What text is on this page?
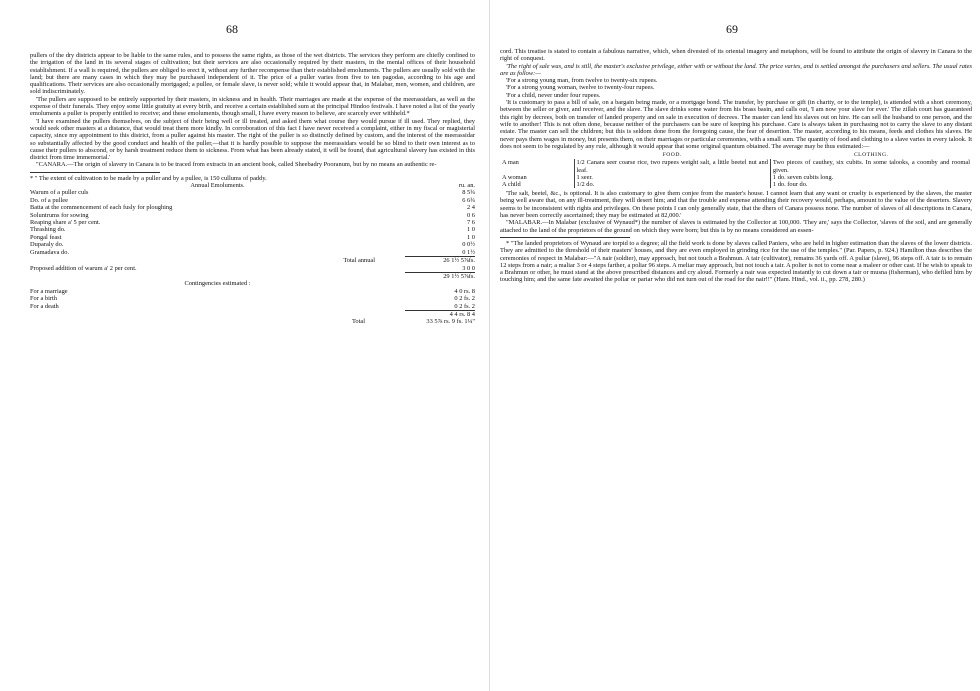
68

pullers of the dry districts appear to be liable to the same rules, and to possess the same rights, as those of the wet districts. The services they perform are chiefly confined to the irrigation of the land in its several stages of cultivation; but their services are also occasionally required by their masters, in the menial offices of their household establishment. If a wall is required, the pullers are obliged to erect it, without any further recompense than their established emoluments. The pullers are usually sold with the land; but there are many cases in which they may be purchased independent of it. The price of a puller varies from five to ten pagodas, according to his age and qualifications. Their services are also occasionally mortgaged; a pullee, or female slave, is never sold; while it would appear that, in Malabar, men, women, and children, are sold indiscriminately.

'The pullers are supposed to be entirely supported by their masters, in sickness and in health. Their marriages are made at the expense of the meerassidars, as well as the expense of their funerals. They enjoy some little gratuity at every birth, and receive a certain established sum at the principal Hindoo festivals. I have noted a list of the yearly emoluments a puller is properly entitled to receive; and these emoluments, though small, I have every reason to believe, are scarcely ever withheld.*

'I have examined the pullers themselves, on the subject of their being well or ill treated, and asked them what course they would pursue if ill used. They replied, they would seek other masters at a distance, that would treat them more kindly. In corroboration of this fact I have never received a complaint, either in my fiscal or magisterial capacity, since my appointment to this district, from a puller against his master. The right of the puller is so distinctly defined by custom, and the interest of the meerassidar so substantially affected by the good conduct and health of the puller,—that it is hardly possible to suppose the meerassidars would be so blind to their own interest as to cause their pullers to abscond, or by harsh treatment reduce them to sickness. From what has been already stated, it will be found, that agricultural slavery has existed in this district from time immemorial.'

"CANARA.—The origin of slavery in Canara is to be traced from extracts in an ancient book, called Sheebadry Pooranum, but by no means an authentic re-

* " The extent of cultivation to be made by a puller and by a pullee, is 150 cullums of paddy.

Annual Emoluments.	ru. an.
Warum of a puller culs	8 5¾
Do. of a pullee	6 6¾
Batta at the commencement of each fusly for ploughing	2 4
Soluntrums for sowing	0 6
Reaping share a' 5 per cent.	7 6
Thrashing do.	1 0
Pongal feast	1 0
Duparaly do.	0 0½
Gramadava do.	0 1½
Total annual	26 1½ 5⅞fs.
Proposed addition of warum a' 2 per cent.	3 0 0
	29 1½ 5⅞fs.
Contingencies estimated :	
For a marriage	4 0 rs. 8
For a birth	0 2 fs. 2
For a death	0 2 fs. 2
	4 4 rs. 8 4
Total	33 5⅞ rs. 9 fs. 1¼"
69

cord. This treatise is stated to contain a fabulous narrative, which, when divested of its oriental imagery and metaphors, will be found to attribute the origin of slavery in Canara to the right of conquest.

'The right of sale was, and is still, the master's exclusive privilege, either with or without the land. The price varies, and is settled amongst the purchasers and sellers. The usual rates are as follow:—

'For a strong young man, from twelve to twenty-six rupees.

'For a strong young woman, twelve to twenty-four rupees.

'For a child, never under four rupees.

'It is customary to pass a bill of sale, on a bargain being made, or a mortgage bond. The transfer, by purchase or gift (in charity, or to the temple), is attended with a short ceremony, between the seller or giver, and receiver, and the slave. The slave drinks some water from his brass basin, and calls out, 'I am now your slave for ever.' The zillah court has guaranteed this right by decrees, both on transfer of landed property and on sale in execution of decrees. The master can lend his slaves out on hire. He can sell the husband to one person, and the wife to another! This is not often done, because neither of the purchasers can be sure of keeping his purchase. Care is always taken in purchasing not to carry the slave to any distant estate. The master can sell the children; but this is seldom done from the foregoing cause, the fear of desertion. The master, according to his means, feeds and clothes his slaves. He never pays them wages in money, but presents them, on their marriages or particular ceremonies, with a small sum. The quantity of food and clothing to a slave varies in every talook. It does not seem to be regulated by any rule, although it would appear that some original quantum obtained. The average may be thus estimated:—

	FOOD.	CLOTHING.
A man	1/2 Canara seer coarse rice, two rupees weight salt, a little beetel nut and leaf.	Two pieces of cauthey, six cubits. In some talooks, a coomby and roomal given.
A woman	1 seer.	1 do. seven cubits long.
A child	1/2 do.	1 do. four do.

'The salt, beetel, &c., is optional. It is also customary to give them conjee from the master's house. I cannot learn that any want or cruelty is experienced by the slaves, the master being well aware that, on any ill-treatment, they will desert him; and that the trouble and expense attending their recovery would, perhaps, amount to the value of the deserters. Slavery seems to be inconsistent with rights and privileges. On these points I can only generally state, that the dhers of Canara possess none. The number of slaves of all descriptions in Canara, has never been correctly ascertained; they may be estimated at 82,000.'

"MALABAR.—In Malabar (exclusive of Wynaud*) the number of slaves is estimated by the Collector at 100,000. 'They are,' says the Collector, 'slaves of the soil, and are generally attached to the land of the proprietors of the ground on which they were born; but this is by no means considered an essen-

* "The landed proprietors of Wynaud are torpid to a degree; all the field work is done by slaves called Paniers, who are held in higher estimation than the slaves of the lower districts. They are admitted to the threshold of their masters' houses, and they are even employed in grinding rice for the use of the temples." (Par. Papers, p. 924.) Hamilton thus describes the ceremonies of respect in Malabar:—"A nair (soldier), may approach, but not touch a Brahmun. A tair (cultivator), remains 36 yards off. A puliar (slave), 96 steps off. A tair is to remain 12 steps from a nair; a maliar 3 or 4 steps farther, a poliar 96 steps. A meliar may approach, but not touch a tair. A polier is not to come near a maleer or other cast. If he wish to speak to a Brahmun or other, he must stand at the above prescribed distances and cry aloud. Formerly a nair was expected instantly to cut down a tair or musna (fisherman), who defiled him by touching him; and the same fate awaited the poliar or pariar who did not turn out of the road for the nair!!" (Ham. Hind., vol. ii., pp. 278, 280.)
